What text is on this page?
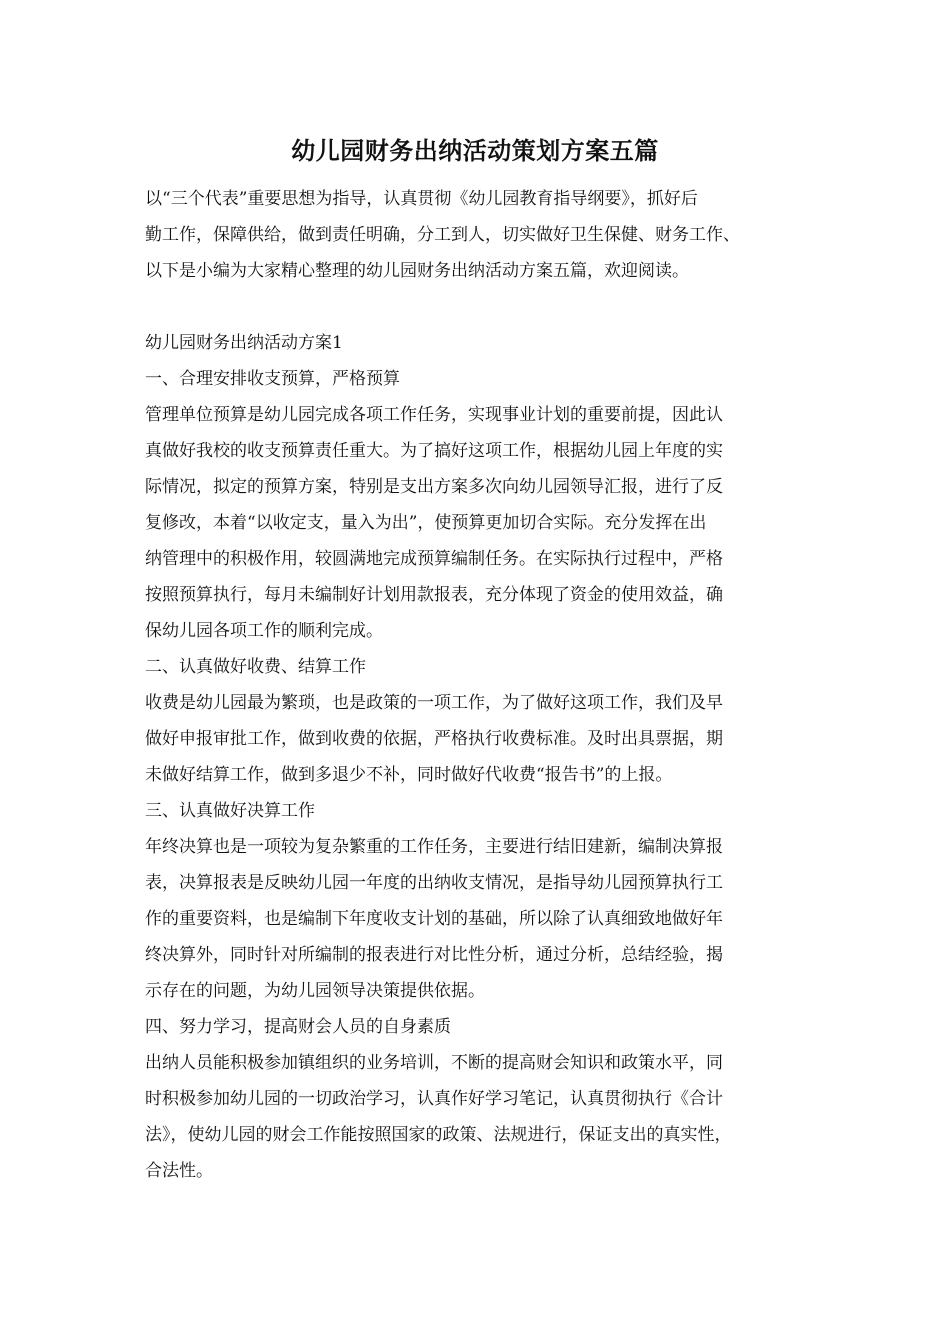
幼儿园财务出纳活动策划方案五篇
以“三个代表”重要思想为指导，认真贯彻《幼儿园教育指导纲要》，抓好后
勤工作，保障供给，做到责任明确，分工到人，切实做好卫生保健、财务工作、
以下是小编为大家精心整理的幼儿园财务出纳活动方案五篇，欢迎阅读。
幼儿园财务出纳活动方案1
一、合理安排收支预算，严格预算
管理单位预算是幼儿园完成各项工作任务，实现事业计划的重要前提，因此认
真做好我校的收支预算责任重大。为了搞好这项工作，根据幼儿园上年度的实
际情况，拟定的预算方案，特别是支出方案多次向幼儿园领导汇报，进行了反
复修改，本着“以收定支，量入为出”，使预算更加切合实际。充分发挥在出
纳管理中的积极作用，较圆满地完成预算编制任务。在实际执行过程中，严格
按照预算执行，每月未编制好计划用款报表，充分体现了资金的使用效益，确
保幼儿园各项工作的顺利完成。
二、认真做好收费、结算工作
收费是幼儿园最为繁琐，也是政策的一项工作，为了做好这项工作，我们及早
做好申报审批工作，做到收费的依据，严格执行收费标准。及时出具票据，期
未做好结算工作，做到多退少不补，同时做好代收费“报告书”的上报。
三、认真做好决算工作
年终决算也是一项较为复杂繁重的工作任务，主要进行结旧建新，编制决算报
表，决算报表是反映幼儿园一年度的出纳收支情况，是指导幼儿园预算执行工
作的重要资料，也是编制下年度收支计划的基础，所以除了认真细致地做好年
终决算外，同时针对所编制的报表进行对比性分析，通过分析，总结经验，揭
示存在的问题，为幼儿园领导决策提供依据。
四、努力学习，提高财会人员的自身素质
出纳人员能积极参加镇组织的业务培训，不断的提高财会知识和政策水平，同
时积极参加幼儿园的一切政治学习，认真作好学习笔记，认真贯彻执行《合计
法》，使幼儿园的财会工作能按照国家的政策、法规进行，保证支出的真实性，
合法性。
